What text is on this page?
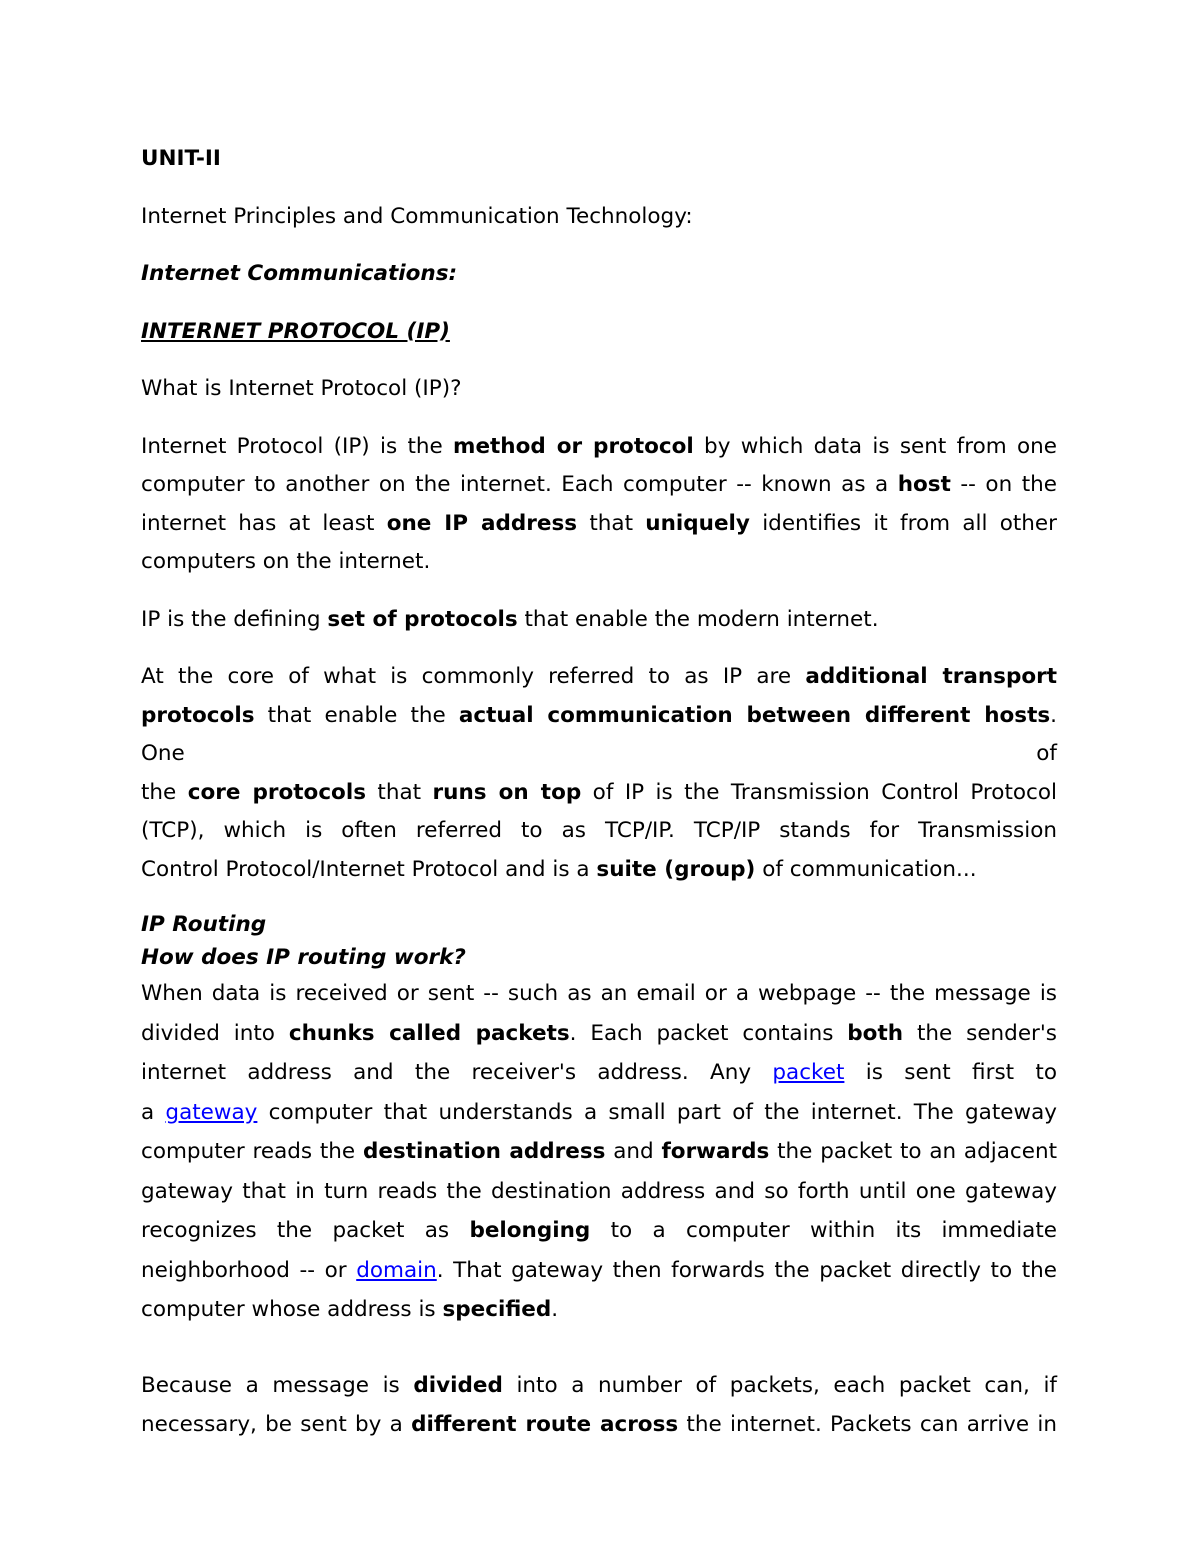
UNIT-II
Internet Principles and Communication Technology:
Internet Communications:
INTERNET PROTOCOL (IP)
What is Internet Protocol (IP)?
Internet Protocol (IP) is the method or protocol by which data is sent from one
computer to another on the internet. Each computer -- known as a host -- on the
internet has at least one IP address that uniquely identifies it from all other
computers on the internet.
IP is the defining set of protocols that enable the modern internet.
At the core of what is commonly referred to as IP are additional transport
protocols that enable the actual communication between different hosts. One of
the core protocols that runs on top of IP is the Transmission Control Protocol
(TCP), which is often referred to as TCP/IP. TCP/IP stands for Transmission
Control Protocol/Internet Protocol and is a suite (group) of communication...
IP Routing
How does IP routing work?
When data is received or sent -- such as an email or a webpage -- the message is
divided into chunks called packets. Each packet contains both the sender's
internet address and the receiver's address. Any packet is sent first to
a gateway computer that understands a small part of the internet. The gateway
computer reads the destination address and forwards the packet to an adjacent
gateway that in turn reads the destination address and so forth until one gateway
recognizes the packet as belonging to a computer within its immediate
neighborhood -- or domain. That gateway then forwards the packet directly to the
computer whose address is specified.
Because a message is divided into a number of packets, each packet can, if
necessary, be sent by a different route across the internet. Packets can arrive in
